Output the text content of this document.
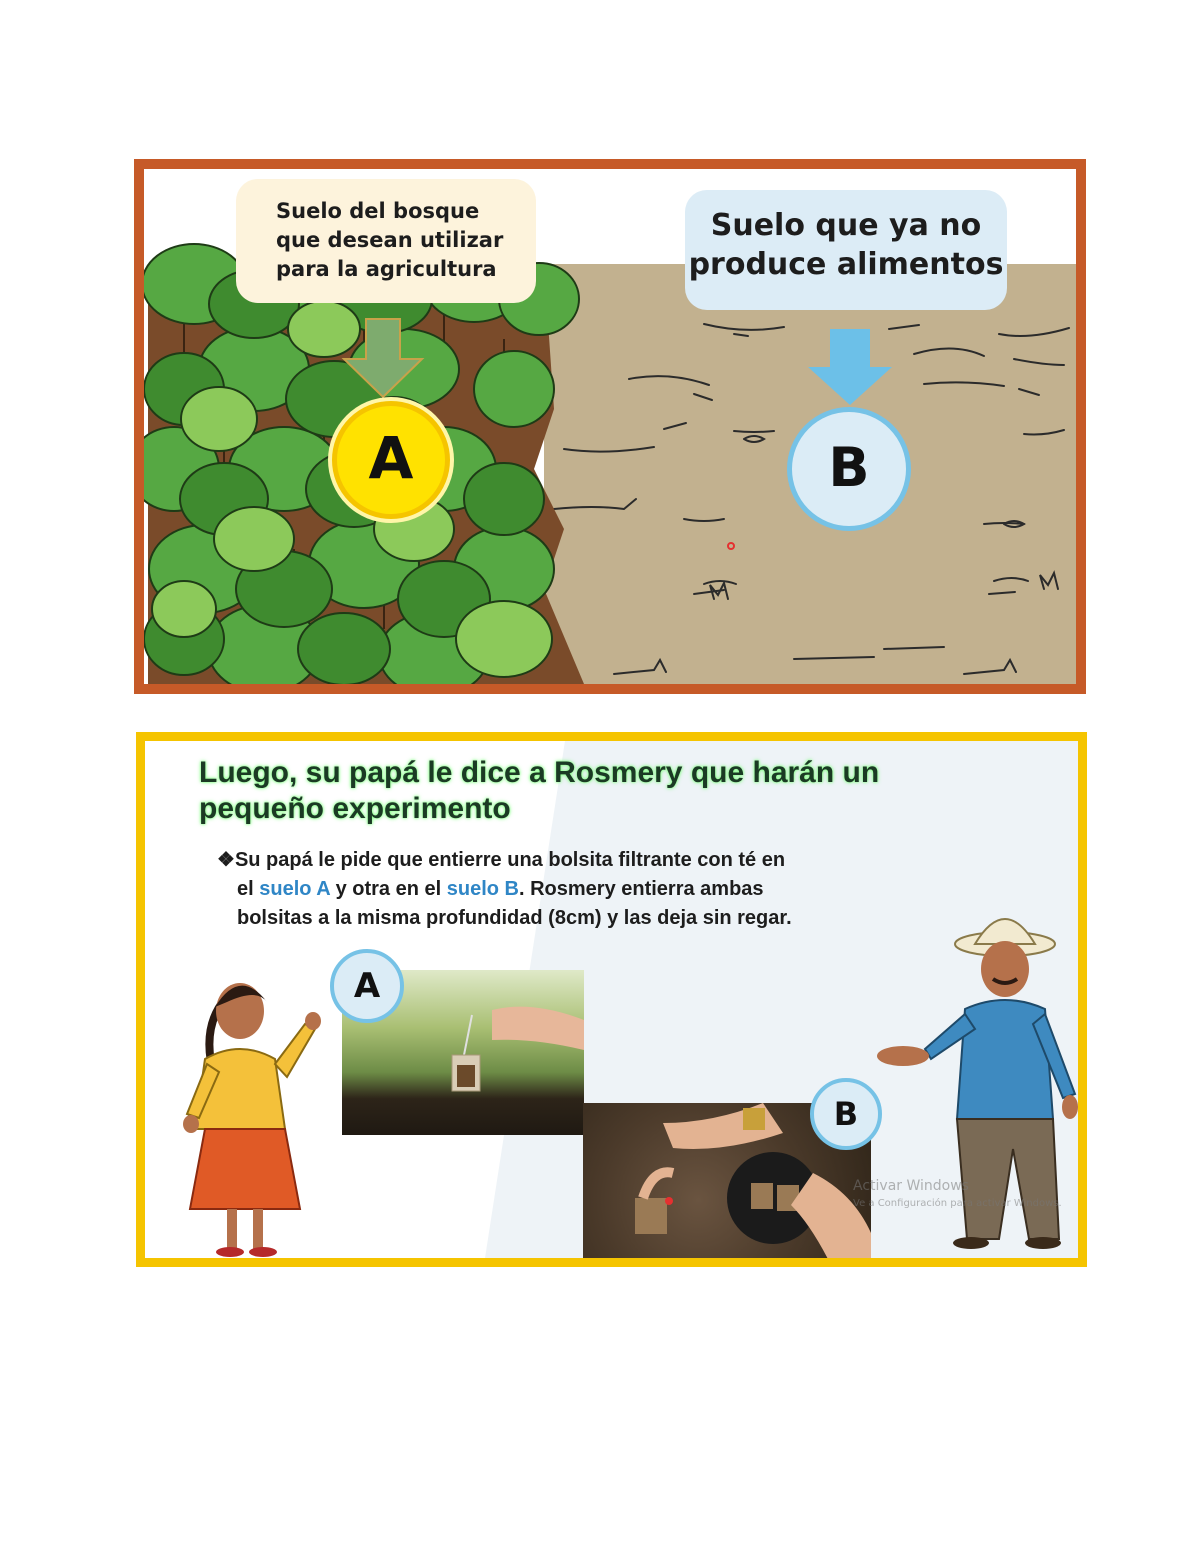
Suelo del bosque
que desean utilizar
para la agricultura
Suelo que ya no
produce alimentos
A	B
Luego, su papá le dice a Rosmery que harán un
pequeño experimento
❖Su papá le pide que entierre una bolsita filtrante con té en
el suelo A y otra en el suelo B. Rosmery entierra ambas
bolsitas a la misma profundidad (8cm) y las deja sin regar.
A
B
Activar Windows
Ve a Configuración para activar Windows.
